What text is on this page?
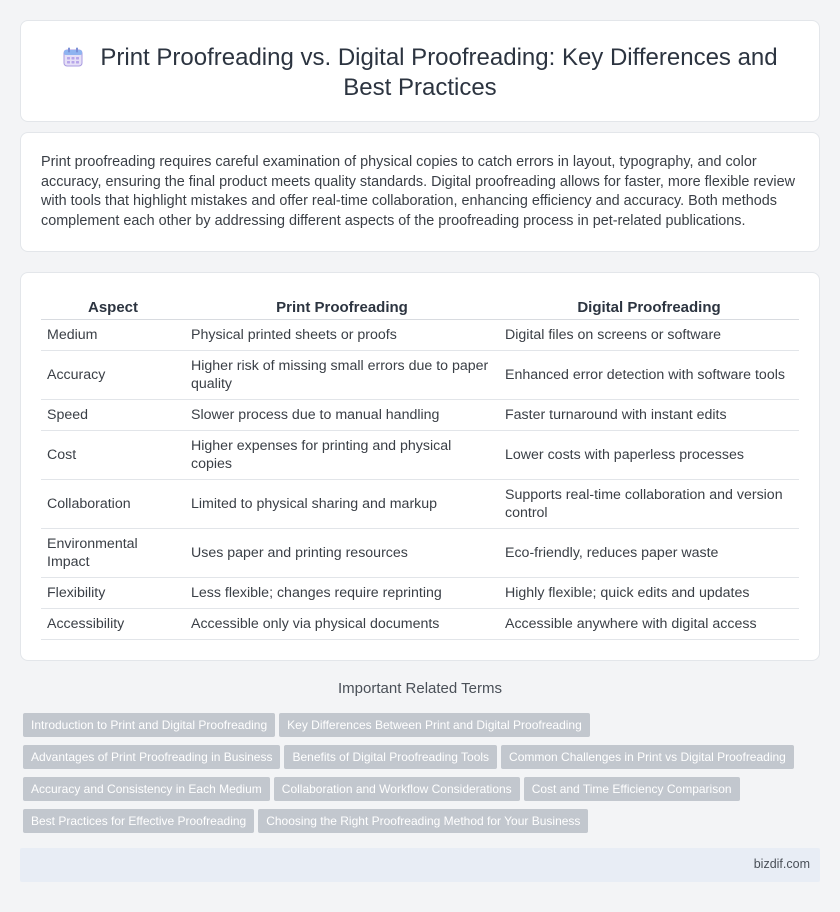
Print Proofreading vs. Digital Proofreading: Key Differences and Best Practices

Print proofreading requires careful examination of physical copies to catch errors in layout, typography, and color accuracy, ensuring the final product meets quality standards. Digital proofreading allows for faster, more flexible review with tools that highlight mistakes and offer real-time collaboration, enhancing efficiency and accuracy. Both methods complement each other by addressing different aspects of the proofreading process in pet-related publications.

Aspect	Print Proofreading	Digital Proofreading
Medium	Physical printed sheets or proofs	Digital files on screens or software
Accuracy	Higher risk of missing small errors due to paper quality	Enhanced error detection with software tools
Speed	Slower process due to manual handling	Faster turnaround with instant edits
Cost	Higher expenses for printing and physical copies	Lower costs with paperless processes
Collaboration	Limited to physical sharing and markup	Supports real-time collaboration and version control
Environmental Impact	Uses paper and printing resources	Eco-friendly, reduces paper waste
Flexibility	Less flexible; changes require reprinting	Highly flexible; quick edits and updates
Accessibility	Accessible only via physical documents	Accessible anywhere with digital access
Important Related Terms
Introduction to Print and Digital Proofreading Key Differences Between Print and Digital Proofreading
Advantages of Print Proofreading in Business Benefits of Digital Proofreading Tools Common Challenges in Print vs Digital Proofreading
Accuracy and Consistency in Each Medium Collaboration and Workflow Considerations Cost and Time Efficiency Comparison
Best Practices for Effective Proofreading Choosing the Right Proofreading Method for Your Business
bizdif.com
